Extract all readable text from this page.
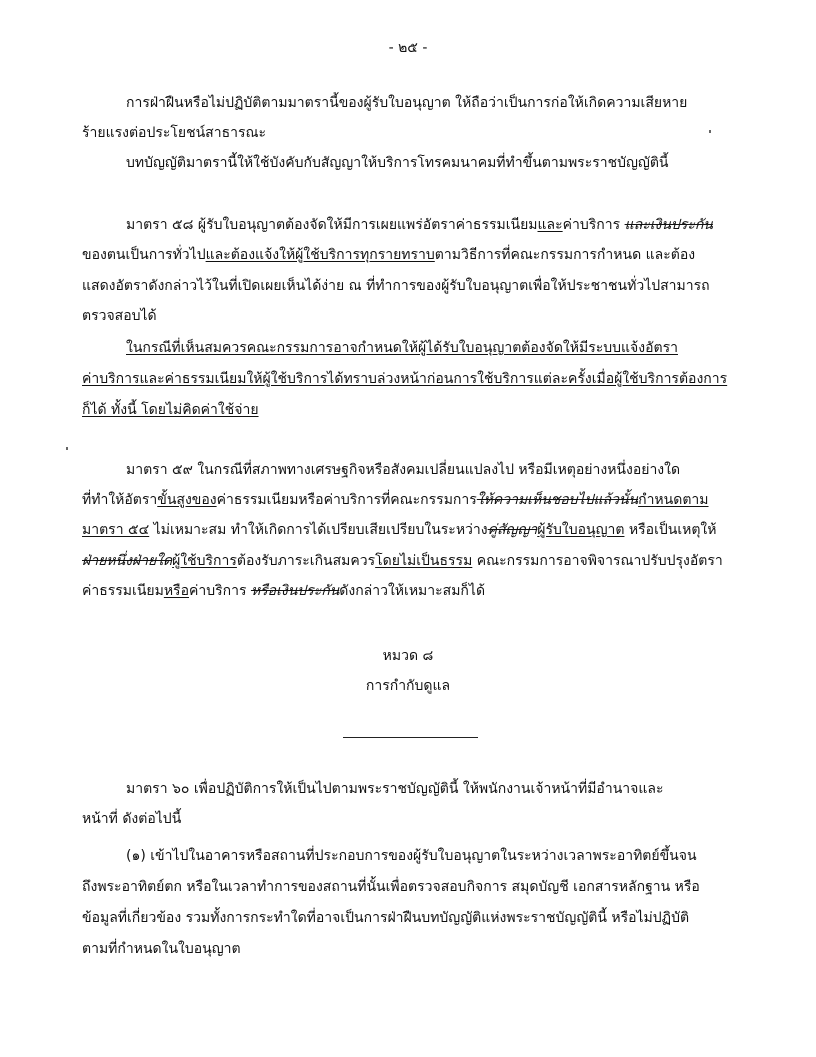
- ๒๕ -
การฝ่าฝืนหรือไม่ปฏิบัติตามมาตรานี้ของผู้รับใบอนุญาต ให้ถือว่าเป็นการก่อให้เกิดความเสียหาย
ร้ายแรงต่อประโยชน์สาธารณะ
บทบัญญัติมาตรานี้ให้ใช้บังคับกับสัญญาให้บริการโทรคมนาคมที่ทำขึ้นตามพระราชบัญญัตินี้
มาตรา ๕๘ ผู้รับใบอนุญาตต้องจัดให้มีการเผยแพร่อัตราค่าธรรมเนียมและค่าบริการ และเงินประกัน
ของตนเป็นการทั่วไปและต้องแจ้งให้ผู้ใช้บริการทุกรายทราบตามวิธีการที่คณะกรรมการกำหนด และต้อง
แสดงอัตราดังกล่าวไว้ในที่เปิดเผยเห็นได้ง่าย ณ ที่ทำการของผู้รับใบอนุญาตเพื่อให้ประชาชนทั่วไปสามารถ
ตรวจสอบได้
ในกรณีที่เห็นสมควรคณะกรรมการอาจกำหนดให้ผู้ได้รับใบอนุญาตต้องจัดให้มีระบบแจ้งอัตรา
ค่าบริการและค่าธรรมเนียมให้ผู้ใช้บริการได้ทราบล่วงหน้าก่อนการใช้บริการแต่ละครั้งเมื่อผู้ใช้บริการต้องการ
ก็ได้ ทั้งนี้ โดยไม่คิดค่าใช้จ่าย
มาตรา ๕๙ ในกรณีที่สภาพทางเศรษฐกิจหรือสังคมเปลี่ยนแปลงไป หรือมีเหตุอย่างหนึ่งอย่างใด
ที่ทำให้อัตราขั้นสูงของค่าธรรมเนียมหรือค่าบริการที่คณะกรรมการให้ความเห็นชอบไปแล้วนั้นกำหนดตาม
มาตรา ๕๔ ไม่เหมาะสม ทำให้เกิดการได้เปรียบเสียเปรียบในระหว่างคู่สัญญาผู้รับใบอนุญาต หรือเป็นเหตุให้
ฝ่ายหนึ่งฝ่ายใดผู้ใช้บริการต้องรับภาระเกินสมควรโดยไม่เป็นธรรม คณะกรรมการอาจพิจารณาปรับปรุงอัตรา
ค่าธรรมเนียมหรือค่าบริการ หรือเงินประกันดังกล่าวให้เหมาะสมก็ได้
หมวด ๘
การกำกับดูแล
มาตรา ๖๐ เพื่อปฏิบัติการให้เป็นไปตามพระราชบัญญัตินี้ ให้พนักงานเจ้าหน้าที่มีอำนาจและ
หน้าที่ ดังต่อไปนี้
(๑) เข้าไปในอาคารหรือสถานที่ประกอบการของผู้รับใบอนุญาตในระหว่างเวลาพระอาทิตย์ขึ้นจน
ถึงพระอาทิตย์ตก หรือในเวลาทำการของสถานที่นั้นเพื่อตรวจสอบกิจการ สมุดบัญชี เอกสารหลักฐาน หรือ
ข้อมูลที่เกี่ยวข้อง รวมทั้งการกระทำใดที่อาจเป็นการฝ่าฝืนบทบัญญัติแห่งพระราชบัญญัตินี้ หรือไม่ปฏิบัติ
ตามที่กำหนดในใบอนุญาต
